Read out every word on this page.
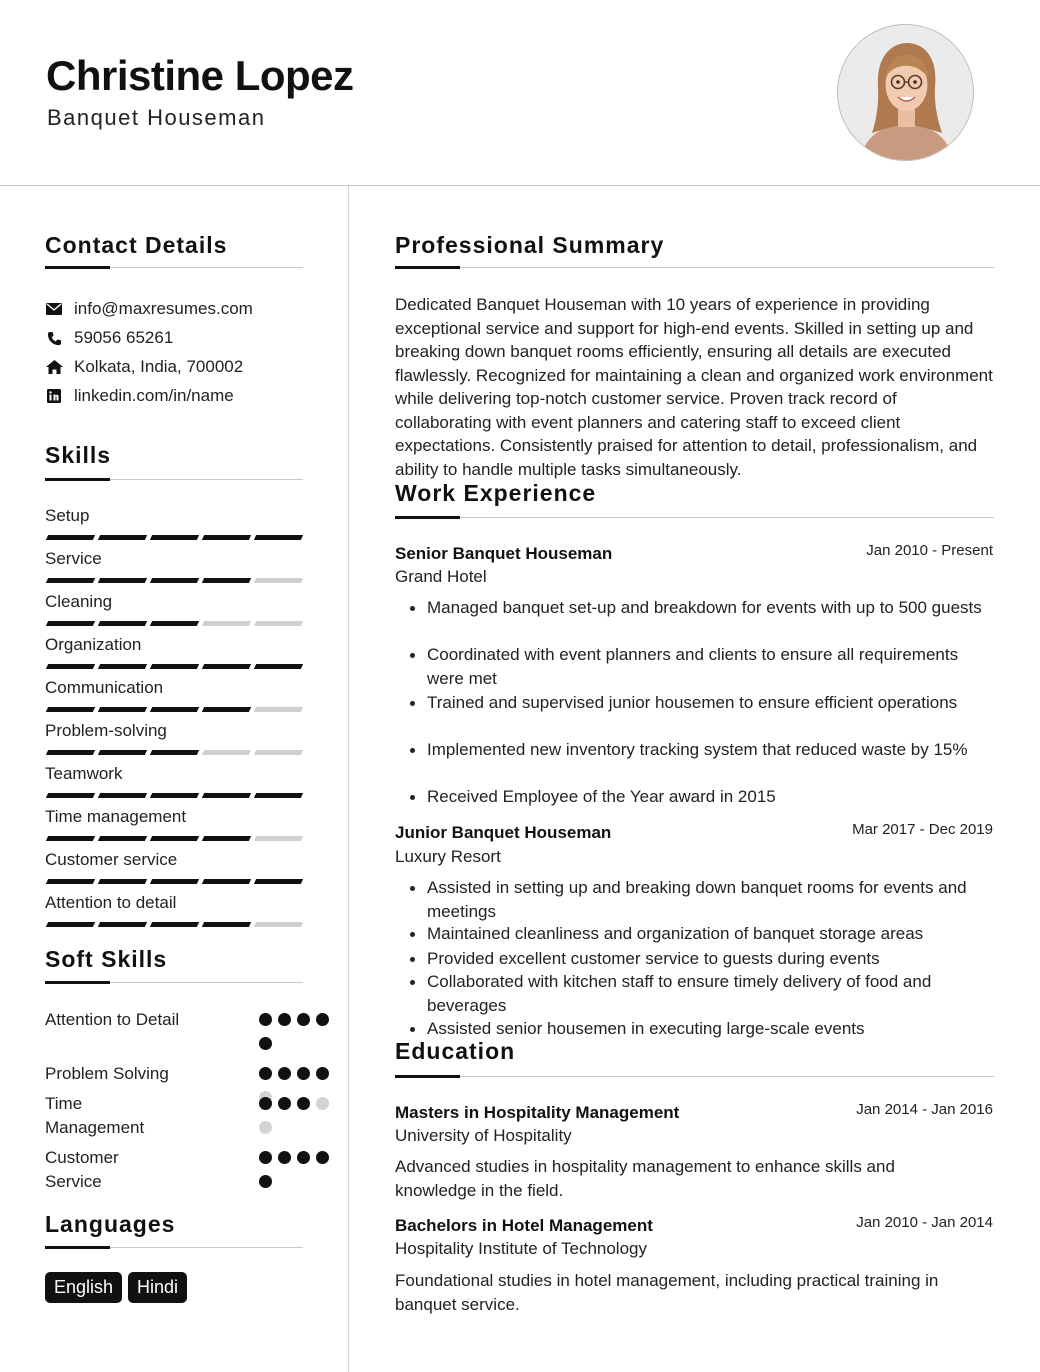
Christine Lopez
Banquet Houseman
Contact Details
info@maxresumes.com
59056 65261
Kolkata, India, 700002
linkedin.com/in/name
Skills
Setup
Service
Cleaning
Organization
Communication
Problem-solving
Teamwork
Time management
Customer service
Attention to detail
Soft Skills
Attention to Detail
Problem Solving
Time Management
Customer Service
Languages
English	Hindi
Professional Summary
Dedicated Banquet Houseman with 10 years of experience in providing exceptional service and support for high-end events. Skilled in setting up and breaking down banquet rooms efficiently, ensuring all details are executed flawlessly. Recognized for maintaining a clean and organized work environment while delivering top-notch customer service. Proven track record of collaborating with event planners and catering staff to exceed client expectations. Consistently praised for attention to detail, professionalism, and ability to handle multiple tasks simultaneously.
Work Experience
Senior Banquet Houseman	Jan 2010 - Present
Grand Hotel
Managed banquet set-up and breakdown for events with up to 500 guests
Coordinated with event planners and clients to ensure all requirements were met
Trained and supervised junior housemen to ensure efficient operations
Implemented new inventory tracking system that reduced waste by 15%
Received Employee of the Year award in 2015
Junior Banquet Houseman	Mar 2017 - Dec 2019
Luxury Resort
Assisted in setting up and breaking down banquet rooms for events and meetings
Maintained cleanliness and organization of banquet storage areas
Provided excellent customer service to guests during events
Collaborated with kitchen staff to ensure timely delivery of food and beverages
Assisted senior housemen in executing large-scale events
Education
Masters in Hospitality Management	Jan 2014 - Jan 2016
University of Hospitality
Advanced studies in hospitality management to enhance skills and knowledge in the field.
Bachelors in Hotel Management	Jan 2010 - Jan 2014
Hospitality Institute of Technology
Foundational studies in hotel management, including practical training in banquet service.
